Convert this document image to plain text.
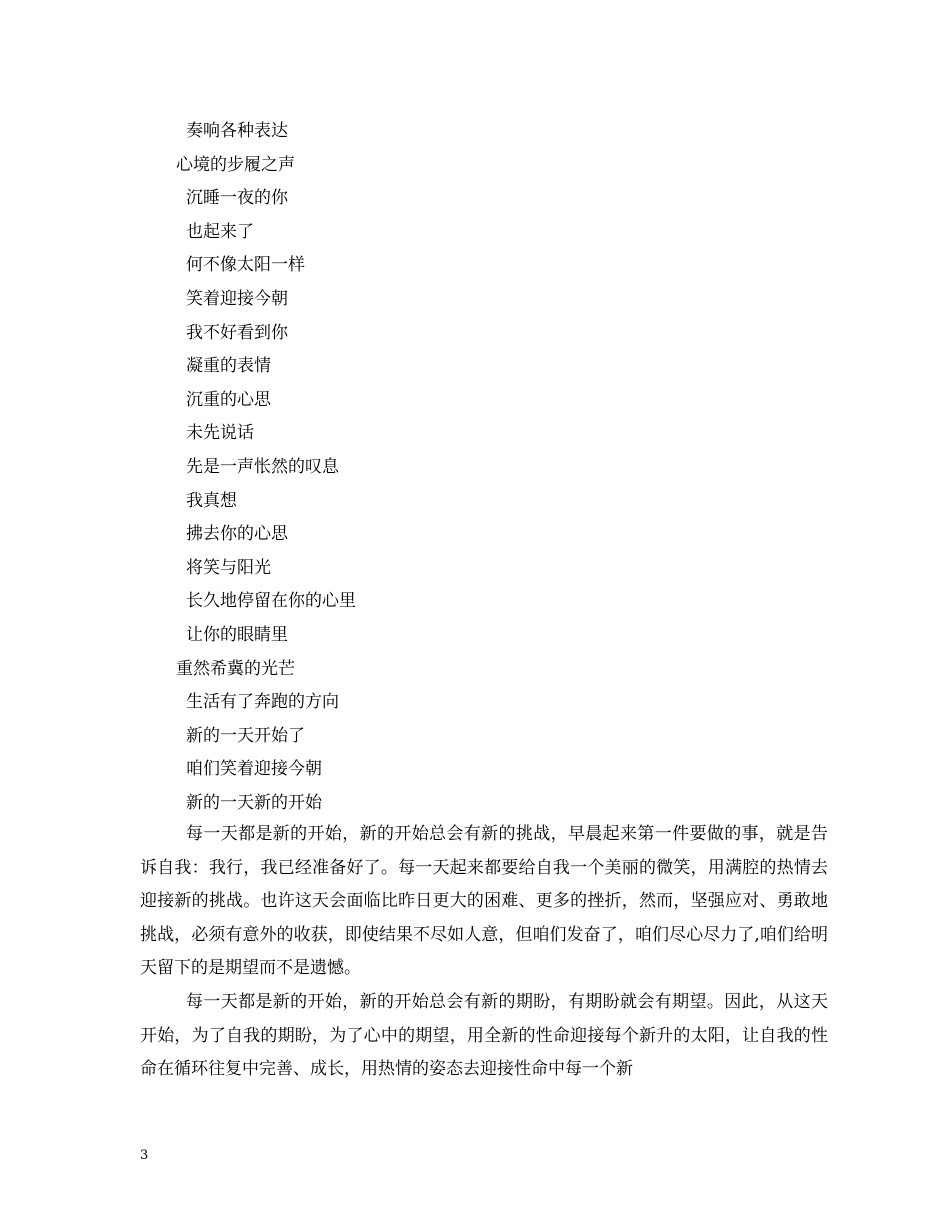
奏响各种表达
心境的步履之声
沉睡一夜的你
也起来了
何不像太阳一样
笑着迎接今朝
我不好看到你
凝重的表情
沉重的心思
未先说话
先是一声怅然的叹息
我真想
拂去你的心思
将笑与阳光
长久地停留在你的心里
让你的眼睛里
重然希冀的光芒
生活有了奔跑的方向
新的一天开始了
咱们笑着迎接今朝
新的一天新的开始

每一天都是新的开始，新的开始总会有新的挑战，早晨起来第一件要做的事，就是告诉自我：我行，我已经准备好了。每一天起来都要给自我一个美丽的微笑，用满腔的热情去迎接新的挑战。也许这天会面临比昨日更大的困难、更多的挫折，然而，坚强应对、勇敢地挑战，必须有意外的收获，即使结果不尽如人意，但咱们发奋了，咱们尽心尽力了,咱们给明天留下的是期望而不是遗憾。

每一天都是新的开始，新的开始总会有新的期盼，有期盼就会有期望。因此，从这天开始，为了自我的期盼，为了心中的期望，用全新的性命迎接每个新升的太阳，让自我的性命在循环往复中完善、成长，用热情的姿态去迎接性命中每一个新

3
